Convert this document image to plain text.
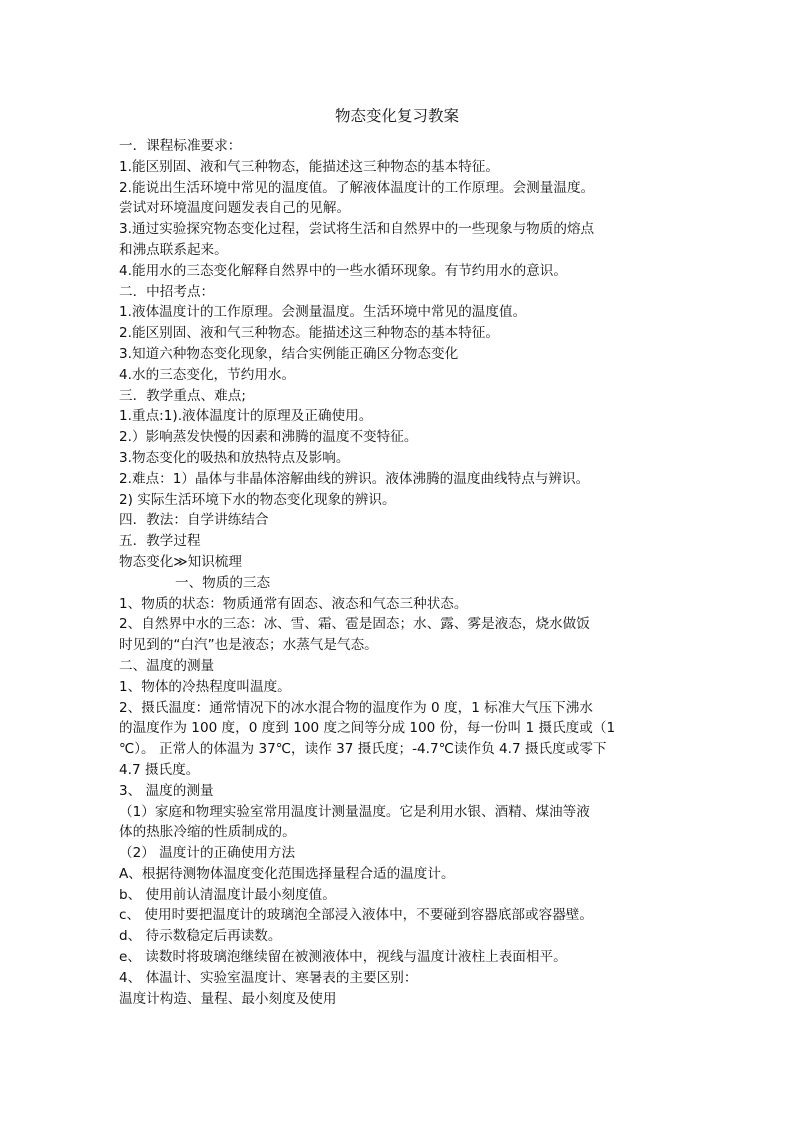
物态变化复习教案
一．课程标准要求：
1.能区别固、液和气三种物态，能描述这三种物态的基本特征。
2.能说出生活环境中常见的温度值。了解液体温度计的工作原理。会测量温度。
尝试对环境温度问题发表自己的见解。
3.通过实验探究物态变化过程，尝试将生活和自然界中的一些现象与物质的熔点
和沸点联系起来。
4.能用水的三态变化解释自然界中的一些水循环现象。有节约用水的意识。
二．中招考点：
1.液体温度计的工作原理。会测量温度。生活环境中常见的温度值。
2.能区别固、液和气三种物态。能描述这三种物态的基本特征。
3.知道六种物态变化现象，结合实例能正确区分物态变化
4.水的三态变化，节约用水。
三．教学重点、难点;
1.重点:1).液体温度计的原理及正确使用。
2.）影响蒸发快慢的因素和沸腾的温度不变特征。
3.物态变化的吸热和放热特点及影响。
2.难点：1）晶体与非晶体溶解曲线的辨识。液体沸腾的温度曲线特点与辨识。
2) 实际生活环境下水的物态变化现象的辨识。
四．教法：自学讲练结合
五．教学过程
物态变化≫知识梳理
一、物质的三态
1、物质的状态：物质通常有固态、液态和气态三种状态。
2、自然界中水的三态：冰、雪、霜、雹是固态；水、露、雾是液态，烧水做饭
时见到的“白汽”也是液态；水蒸气是气态。
二、温度的测量
1、物体的冷热程度叫温度。
2、摄氏温度：通常情况下的冰水混合物的温度作为 0 度，1 标准大气压下沸水
的温度作为 100 度，0 度到 100 度之间等分成 100 份，每一份叫 1 摄氏度或（1
℃）。 正常人的体温为 37℃，读作 37 摄氏度；-4.7℃读作负 4.7 摄氏度或零下
4.7 摄氏度。
3、 温度的测量
（1）家庭和物理实验室常用温度计测量温度。它是利用水银、酒精、煤油等液
体的热胀冷缩的性质制成的。
（2） 温度计的正确使用方法
A、根据待测物体温度变化范围选择量程合适的温度计。
b、 使用前认清温度计最小刻度值。
c、 使用时要把温度计的玻璃泡全部浸入液体中，不要碰到容器底部或容器壁。
d、 待示数稳定后再读数。
e、 读数时将玻璃泡继续留在被测液体中，视线与温度计液柱上表面相平。
4、 体温计、实验室温度计、寒暑表的主要区别：
温度计构造、量程、最小刻度及使用
